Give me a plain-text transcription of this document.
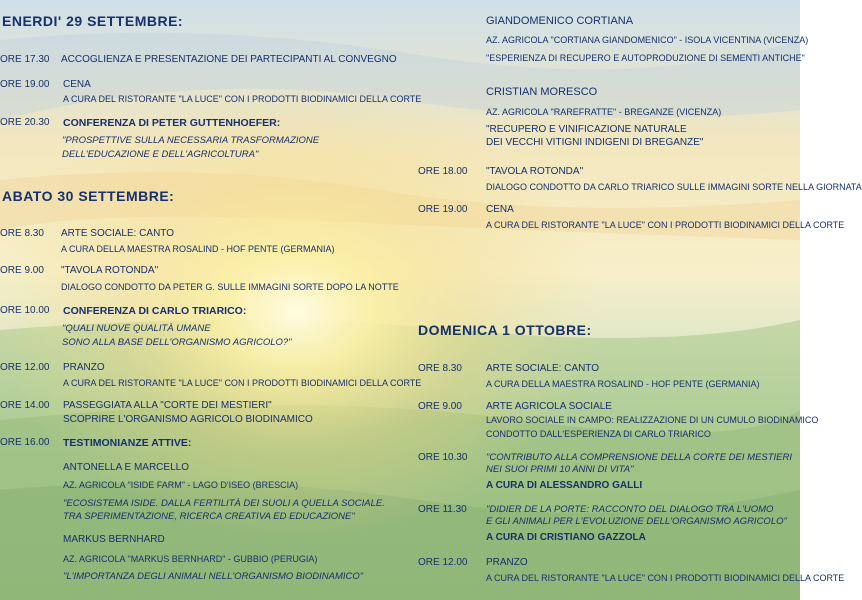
ENERDI' 29 SETTEMBRE:
ORE 17.30 ACCOGLIENZA E PRESENTAZIONE DEI PARTECIPANTI AL CONVEGNO
ORE 19.00 CENA
A CURA DEL RISTORANTE "LA LUCE" CON I PRODOTTI BIODINAMICI DELLA CORTE
ORE 20.30 CONFERENZA DI PETER GUTTENHOEFER:
"PROSPETTIVE SULLA NECESSARIA TRASFORMAZIONE
DELL'EDUCAZIONE E DELL'AGRICOLTURA"
ABATO 30 SETTEMBRE:
ORE 8.30 ARTE SOCIALE: CANTO
A CURA DELLA MAESTRA ROSALIND - HOF PENTE (GERMANIA)
ORE 9.00 "TAVOLA ROTONDA"
DIALOGO CONDOTTO DA PETER G. SULLE IMMAGINI SORTE DOPO LA NOTTE
ORE 10.00 CONFERENZA DI CARLO TRIARICO:
"QUALI NUOVE QUALITÀ UMANE
SONO ALLA BASE DELL'ORGANISMO AGRICOLO?"
ORE 12.00 PRANZO
A CURA DEL RISTORANTE "LA LUCE" CON I PRODOTTI BIODINAMICI DELLA CORTE
ORE 14.00 PASSEGGIATA ALLA "CORTE DEI MESTIERI"
SCOPRIRE L'ORGANISMO AGRICOLO BIODINAMICO
ORE 16.00 TESTIMONIANZE ATTIVE:
ANTONELLA E MARCELLO
AZ. AGRICOLA "ISIDE FARM" - LAGO D'ISEO (BRESCIA)
"ECOSISTEMA ISIDE. DALLA FERTILITÀ DEI SUOLI A QUELLA SOCIALE.
TRA SPERIMENTAZIONE, RICERCA CREATIVA ED EDUCAZIONE"
MARKUS BERNHARD
AZ. AGRICOLA "MARKUS BERNHARD" - GUBBIO (PERUGIA)
"L'IMPORTANZA DEGLI ANIMALI NELL'ORGANISMO BIODINAMICO"
GIANDOMENICO CORTIANA
AZ. AGRICOLA "CORTIANA GIANDOMENICO" - ISOLA VICENTINA (VICENZA)
"ESPERIENZA DI RECUPERO E AUTOPRODUZIONE DI SEMENTI ANTICHE"
CRISTIAN MORESCO
AZ. AGRICOLA "RAREFRATTE" - BREGANZE (VICENZA)
"RECUPERO E VINIFICAZIONE NATURALE
DEI VECCHI VITIGNI INDIGENI DI BREGANZE"
ORE 18.00 "TAVOLA ROTONDA"
DIALOGO CONDOTTO DA CARLO TRIARICO SULLE IMMAGINI SORTE NELLA GIORNATA
ORE 19.00 CENA
A CURA DEL RISTORANTE "LA LUCE" CON I PRODOTTI BIODINAMICI DELLA CORTE
DOMENICA 1 OTTOBRE:
ORE 8.30 ARTE SOCIALE: CANTO
A CURA DELLA MAESTRA ROSALIND - HOF PENTE (GERMANIA)
ORE 9.00 ARTE AGRICOLA SOCIALE
LAVORO SOCIALE IN CAMPO: REALIZZAZIONE DI UN CUMULO BIODINAMICO
CONDOTTO DALL'ESPERIENZA DI CARLO TRIARICO
ORE 10.30 "CONTRIBUTO ALLA COMPRENSIONE DELLA CORTE DEI MESTIERI
NEI SUOI PRIMI 10 ANNI DI VITA"
A CURA DI ALESSANDRO GALLI
ORE 11.30 "DIDIER DE LA PORTE: RACCONTO DEL DIALOGO TRA L'UOMO
E GLI ANIMALI PER L'EVOLUZIONE DELL'ORGANISMO AGRICOLO"
A CURA DI CRISTIANO GAZZOLA
ORE 12.00 PRANZO
A CURA DEL RISTORANTE "LA LUCE" CON I PRODOTTI BIODINAMICI DELLA CORTE
